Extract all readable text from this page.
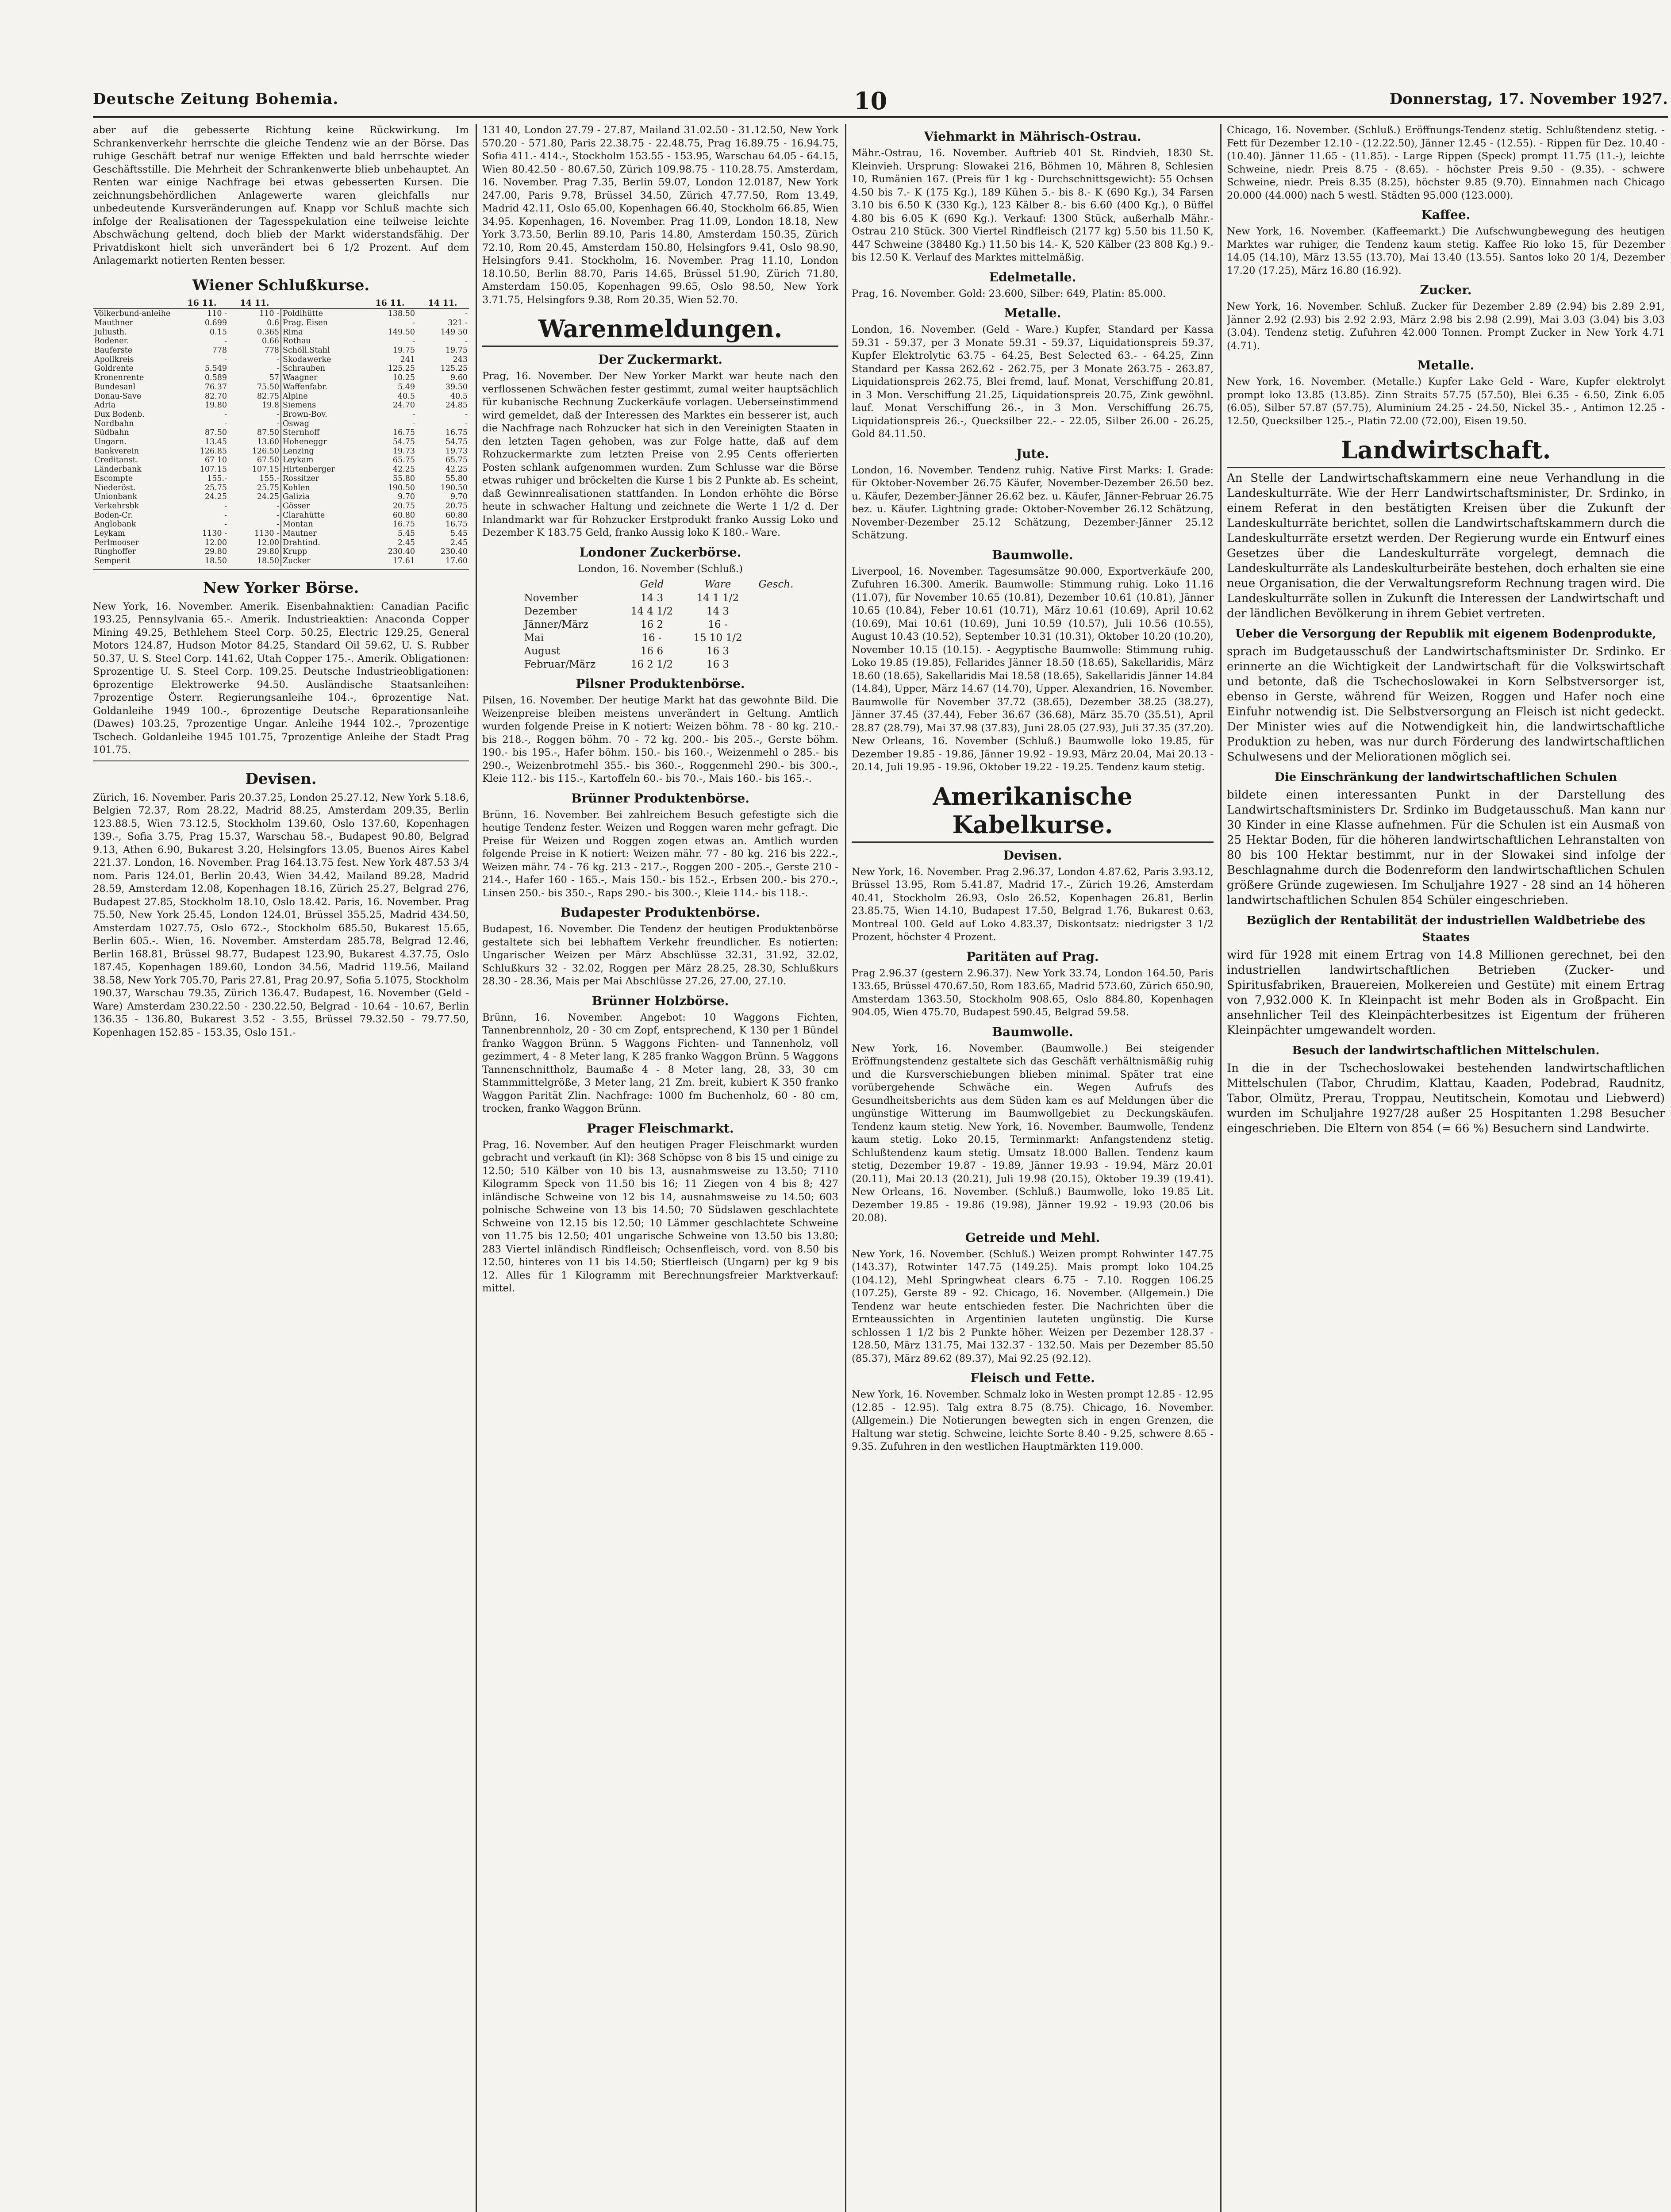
Deutsche Zeitung Bohemia.	10	Donnerstag, 17. November 1927.

aber auf die gebesserte Richtung keine Rückwirkung. Im Schrankenverkehr herrschte die gleiche Tendenz wie an der Börse. Das ruhige Geschäft betraf nur wenige Effekten und bald herrschte wieder Geschäftsstille. Die Mehrheit der Schrankenwerte blieb unbehauptet. An Renten war einige Nachfrage bei etwas gebesserten Kursen. Die zeichnungsbehördlichen Anlagewerte waren gleichfalls nur unbedeutende Kursveränderungen auf. Knapp vor Schluß machte sich infolge der Realisationen der Tagesspekulation eine teilweise leichte Abschwächung geltend, doch blieb der Markt widerstandsfähig. Der Privatdiskont hielt sich unverändert bei 6 1/2 Prozent. Auf dem Anlagemarkt notierten Renten besser.

Wiener Schlußkurse.
	16 11.	14 11.		16 11.	14 11.
Völkerbund-anleihe	110 -	110 -	Poldihütte	138.50	-
Mauthner	0.699	0.6	Prag. Eisen	-	321 -
Juliusth.	0.15	0.365	Rima	149.50	149 50
Bodener.	-	0.66	Rothau	-	-
Bauferste	778	778	Schöll.Stahl	19.75	19.75
Apollkreis	-	-	Skodawerke	241	243
Goldrente	5.549	-	Schrauben	125.25	125.25
Kronenrente	0.589	57	Waagner	10.25	9.60
Bundesanl	76.37	75.50	Waffenfabr.	5.49	39.50
Donau-Save	82.70	82.75	Alpine	40.5	40.5
Adria	19.80	19.8	Siemens	24.70	24.85
Dux Bodenb.	-	-	Brown-Bov.	-	-
Nordbahn	-	-	Oswag	-	-
Südbahn	87.50	87.50	Sternhoff	16.75	16.75
Ungarn.	13.45	13.60	Hoheneggr	54.75	54.75
Bankverein	126.85	126.50	Lenzing	19.73	19.73
Creditanst.	67 10	67.50	Leykam	65.75	65.75
Länderbank	107.15	107.15	Hirtenberger	42.25	42.25
Escompte	155.-	155.-	Rossitzer	55.80	55.80
Niederöst.	25.75	25.75	Kohlen	190.50	190.50
Unionbank	24.25	24.25	Galizia	9.70	9.70
Verkehrsbk	-	-	Gösser	20.75	20.75
Boden-Cr.	-	-	Clarahütte	60.80	60.80
Anglobank	-	-	Montan	16.75	16.75
Leykam	1130 -	1130 -	Mautner	5.45	5.45
Perlmooser	12.00	12.00	Drahtind.	2.45	2.45
Ringhoffer	29.80	29.80	Krupp	230.40	230.40
Semperit	18.50	18.50	Zucker	17.61	17.60
New Yorker Börse.

New York, 16. November. Amerik. Eisenbahnaktien: Canadian Pacific 193.25, Pennsylvania 65.-. Amerik. Industrieaktien: Anaconda Copper Mining 49.25, Bethlehem Steel Corp. 50.25, Electric 129.25, General Motors 124.87, Hudson Motor 84.25, Standard Oil 59.62, U. S. Rubber 50.37, U. S. Steel Corp. 141.62, Utah Copper 175.-. Amerik. Obligationen: Sprozentige U. S. Steel Corp. 109.25. Deutsche Industrieobligationen: 6prozentige Elektrowerke 94.50. Ausländische Staatsanleihen: 7prozentige Österr. Regierungsanleihe 104.-, 6prozentige Nat. Goldanleihe 1949 100.-, 6prozentige Deutsche Reparationsanleihe (Dawes) 103.25, 7prozentige Ungar. Anleihe 1944 102.-, 7prozentige Tschech. Goldanleihe 1945 101.75, 7prozentige Anleihe der Stadt Prag 101.75.

Devisen.

Zürich, 16. November. Paris 20.37.25, London 25.27.12, New York 5.18.6, Belgien 72.37, Rom 28.22, Madrid 88.25, Amsterdam 209.35, Berlin 123.88.5, Wien 73.12.5, Stockholm 139.60, Oslo 137.60, Kopenhagen 139.-, Sofia 3.75, Prag 15.37, Warschau 58.-, Budapest 90.80, Belgrad 9.13, Athen 6.90, Bukarest 3.20, Helsingfors 13.05, Buenos Aires Kabel 221.37. London, 16. November. Prag 164.13.75 fest. New York 487.53 3/4 nom. Paris 124.01, Berlin 20.43, Wien 34.42, Mailand 89.28, Madrid 28.59, Amsterdam 12.08, Kopenhagen 18.16, Zürich 25.27, Belgrad 276, Budapest 27.85, Stockholm 18.10, Oslo 18.42. Paris, 16. November. Prag 75.50, New York 25.45, London 124.01, Brüssel 355.25, Madrid 434.50, Amsterdam 1027.75, Oslo 672.-, Stockholm 685.50, Bukarest 15.65, Berlin 605.-. Wien, 16. November. Amsterdam 285.78, Belgrad 12.46, Berlin 168.81, Brüssel 98.77, Budapest 123.90, Bukarest 4.37.75, Oslo 187.45, Kopenhagen 189.60, London 34.56, Madrid 119.56, Mailand 38.58, New York 705.70, Paris 27.81, Prag 20.97, Sofia 5.1075, Stockholm 190.37, Warschau 79.35, Zürich 136.47. Budapest, 16. November (Geld - Ware) Amsterdam 230.22.50 - 230.22.50, Belgrad - 10.64 - 10.67, Berlin 136.35 - 136.80, Bukarest 3.52 - 3.55, Brüssel 79.32.50 - 79.77.50, Kopenhagen 152.85 - 153.35, Oslo 151.-

131 40, London 27.79 - 27.87, Mailand 31.02.50 - 31.12.50, New York 570.20 - 571.80, Paris 22.38.75 - 22.48.75, Prag 16.89.75 - 16.94.75, Sofia 411.- 414.-, Stockholm 153.55 - 153.95, Warschau 64.05 - 64.15, Wien 80.42.50 - 80.67.50, Zürich 109.98.75 - 110.28.75. Amsterdam, 16. November. Prag 7.35, Berlin 59.07, London 12.0187, New York 247.00, Paris 9.78, Brüssel 34.50, Zürich 47.77.50, Rom 13.49, Madrid 42.11, Oslo 65.00, Kopenhagen 66.40, Stockholm 66.85, Wien 34.95. Kopenhagen, 16. November. Prag 11.09, London 18.18, New York 3.73.50, Berlin 89.10, Paris 14.80, Amsterdam 150.35, Zürich 72.10, Rom 20.45, Amsterdam 150.80, Helsingfors 9.41, Oslo 98.90, Helsingfors 9.41. Stockholm, 16. November. Prag 11.10, London 18.10.50, Berlin 88.70, Paris 14.65, Brüssel 51.90, Zürich 71.80, Amsterdam 150.05, Kopenhagen 99.65, Oslo 98.50, New York 3.71.75, Helsingfors 9.38, Rom 20.35, Wien 52.70.

Warenmeldungen.
Der Zuckermarkt.

Prag, 16. November. Der New Yorker Markt war heute nach den verflossenen Schwächen fester gestimmt, zumal weiter hauptsächlich für kubanische Rechnung Zuckerkäufe vorlagen. Ueberseinstimmend wird gemeldet, daß der Interessen des Marktes ein besserer ist, auch die Nachfrage nach Rohzucker hat sich in den Vereinigten Staaten in den letzten Tagen gehoben, was zur Folge hatte, daß auf dem Rohzuckermarkte zum letzten Preise von 2.95 Cents offerierten Posten schlank aufgenommen wurden. Zum Schlusse war die Börse etwas ruhiger und bröckelten die Kurse 1 bis 2 Punkte ab. Es scheint, daß Gewinnrealisationen stattfanden. In London erhöhte die Börse heute in schwacher Haltung und zeichnete die Werte 1 1/2 d. Der Inlandmarkt war für Rohzucker Erstprodukt franko Aussig Loko und Dezember K 183.75 Geld, franko Aussig loko K 180.- Ware.

Londoner Zuckerbörse.
London, 16. November (Schluß.)
	Geld	Ware	Gesch.
November	14 3	14 1 1/2	
Dezember	14 4 1/2	14 3	
Jänner/März	16 2	16 -	
Mai	16 -	15 10 1/2	
August	16 6	16 3	
Februar/März	16 2 1/2	16 3	
Pilsner Produktenbörse.

Pilsen, 16. November. Der heutige Markt hat das gewohnte Bild. Die Weizenpreise bleiben meistens unverändert in Geltung. Amtlich wurden folgende Preise in K notiert: Weizen böhm. 78 - 80 kg. 210.- bis 218.-, Roggen böhm. 70 - 72 kg. 200.- bis 205.-, Gerste böhm. 190.- bis 195.-, Hafer böhm. 150.- bis 160.-, Weizenmehl o 285.- bis 290.-, Weizenbrotmehl 355.- bis 360.-, Roggenmehl 290.- bis 300.-, Kleie 112.- bis 115.-, Kartoffeln 60.- bis 70.-, Mais 160.- bis 165.-.

Brünner Produktenbörse.

Brünn, 16. November. Bei zahlreichem Besuch gefestigte sich die heutige Tendenz fester. Weizen und Roggen waren mehr gefragt. Die Preise für Weizen und Roggen zogen etwas an. Amtlich wurden folgende Preise in K notiert: Weizen mähr. 77 - 80 kg. 216 bis 222.-, Weizen mähr. 74 - 76 kg. 213 - 217.-, Roggen 200 - 205.-, Gerste 210 - 214.-, Hafer 160 - 165.-, Mais 150.- bis 152.-, Erbsen 200.- bis 270.-, Linsen 250.- bis 350.-, Raps 290.- bis 300.-, Kleie 114.- bis 118.-.

Budapester Produktenbörse.

Budapest, 16. November. Die Tendenz der heutigen Produktenbörse gestaltete sich bei lebhaftem Verkehr freundlicher. Es notierten: Ungarischer Weizen per März Abschlüsse 32.31, 31.92, 32.02, Schlußkurs 32 - 32.02, Roggen per März 28.25, 28.30, Schlußkurs 28.30 - 28.36, Mais per Mai Abschlüsse 27.26, 27.00, 27.10.

Brünner Holzbörse.

Brünn, 16. November. Angebot: 10 Waggons Fichten, Tannenbrennholz, 20 - 30 cm Zopf, entsprechend, K 130 per 1 Bündel franko Waggon Brünn. 5 Waggons Fichten- und Tannenholz, voll gezimmert, 4 - 8 Meter lang, K 285 franko Waggon Brünn. 5 Waggons Tannenschnittholz, Baumaße 4 - 8 Meter lang, 28, 33, 30 cm Stammmittelgröße, 3 Meter lang, 21 Zm. breit, kubiert K 350 franko Waggon Parität Zlin. Nachfrage: 1000 fm Buchenholz, 60 - 80 cm, trocken, franko Waggon Brünn.

Prager Fleischmarkt.

Prag, 16. November. Auf den heutigen Prager Fleischmarkt wurden gebracht und verkauft (in Kl): 368 Schöpse von 8 bis 15 und einige zu 12.50; 510 Kälber von 10 bis 13, ausnahmsweise zu 13.50; 7110 Kilogramm Speck von 11.50 bis 16; 11 Ziegen von 4 bis 8; 427 inländische Schweine von 12 bis 14, ausnahmsweise zu 14.50; 603 polnische Schweine von 13 bis 14.50; 70 Südslawen geschlachtete Schweine von 12.15 bis 12.50; 10 Lämmer geschlachtete Schweine von 11.75 bis 12.50; 401 ungarische Schweine von 13.50 bis 13.80; 283 Viertel inländisch Rindfleisch; Ochsenfleisch, vord. von 8.50 bis 12.50, hinteres von 11 bis 14.50; Stierfleisch (Ungarn) per kg 9 bis 12. Alles für 1 Kilogramm mit Berechnungsfreier Marktverkauf: mittel.

Viehmarkt in Mährisch-Ostrau.

Mähr.-Ostrau, 16. November. Auftrieb 401 St. Rindvieh, 1830 St. Kleinvieh. Ursprung: Slowakei 216, Böhmen 10, Mähren 8, Schlesien 10, Rumänien 167. (Preis für 1 kg - Durchschnittsgewicht): 55 Ochsen 4.50 bis 7.- K (175 Kg.), 189 Kühen 5.- bis 8.- K (690 Kg.), 34 Farsen 3.10 bis 6.50 K (330 Kg.), 123 Kälber 8.- bis 6.60 (400 Kg.), 0 Büffel 4.80 bis 6.05 K (690 Kg.). Verkauf: 1300 Stück, außerhalb Mähr.-Ostrau 210 Stück. 300 Viertel Rindfleisch (2177 kg) 5.50 bis 11.50 K, 447 Schweine (38480 Kg.) 11.50 bis 14.- K, 520 Kälber (23 808 Kg.) 9.- bis 12.50 K. Verlauf des Marktes mittelmäßig.

Edelmetalle.

Prag, 16. November. Gold: 23.600, Silber: 649, Platin: 85.000.

Metalle.

London, 16. November. (Geld - Ware.) Kupfer, Standard per Kassa 59.31 - 59.37, per 3 Monate 59.31 - 59.37, Liquidationspreis 59.37, Kupfer Elektrolytic 63.75 - 64.25, Best Selected 63.- - 64.25, Zinn Standard per Kassa 262.62 - 262.75, per 3 Monate 263.75 - 263.87, Liquidationspreis 262.75, Blei fremd, lauf. Monat, Verschiffung 20.81, in 3 Mon. Verschiffung 21.25, Liquidationspreis 20.75, Zink gewöhnl. lauf. Monat Verschiffung 26.-, in 3 Mon. Verschiffung 26.75, Liquidationspreis 26.-, Quecksilber 22.- - 22.05, Silber 26.00 - 26.25, Gold 84.11.50.

Jute.

London, 16. November. Tendenz ruhig. Native First Marks: I. Grade: für Oktober-November 26.75 Käufer, November-Dezember 26.50 bez. u. Käufer, Dezember-Jänner 26.62 bez. u. Käufer, Jänner-Februar 26.75 bez. u. Käufer. Lightning grade: Oktober-November 26.12 Schätzung, November-Dezember 25.12 Schätzung, Dezember-Jänner 25.12 Schätzung.

Baumwolle.

Liverpool, 16. November. Tagesumsätze 90.000, Exportverkäufe 200, Zufuhren 16.300. Amerik. Baumwolle: Stimmung ruhig. Loko 11.16 (11.07), für November 10.65 (10.81), Dezember 10.61 (10.81), Jänner 10.65 (10.84), Feber 10.61 (10.71), März 10.61 (10.69), April 10.62 (10.69), Mai 10.61 (10.69), Juni 10.59 (10.57), Juli 10.56 (10.55), August 10.43 (10.52), September 10.31 (10.31), Oktober 10.20 (10.20), November 10.15 (10.15). - Aegyptische Baumwolle: Stimmung ruhig. Loko 19.85 (19.85), Fellarides Jänner 18.50 (18.65), Sakellaridis, März 18.60 (18.65), Sakellaridis Mai 18.58 (18.65), Sakellaridis Jänner 14.84 (14.84), Upper, März 14.67 (14.70), Upper. Alexandrien, 16. November. Baumwolle für November 37.72 (38.65), Dezember 38.25 (38.27), Jänner 37.45 (37.44), Feber 36.67 (36.68), März 35.70 (35.51), April 28.87 (28.79), Mai 37.98 (37.83), Juni 28.05 (27.93), Juli 37.35 (37.20). New Orleans, 16. November (Schluß.) Baumwolle loko 19.85, für Dezember 19.85 - 19.86, Jänner 19.92 - 19.93, März 20.04, Mai 20.13 - 20.14, Juli 19.95 - 19.96, Oktober 19.22 - 19.25. Tendenz kaum stetig.

Amerikanische Kabelkurse.
Devisen.

New York, 16. November. Prag 2.96.37, London 4.87.62, Paris 3.93.12, Brüssel 13.95, Rom 5.41.87, Madrid 17.-, Zürich 19.26, Amsterdam 40.41, Stockholm 26.93, Oslo 26.52, Kopenhagen 26.81, Berlin 23.85.75, Wien 14.10, Budapest 17.50, Belgrad 1.76, Bukarest 0.63, Montreal 100. Geld auf Loko 4.83.37, Diskontsatz: niedrigster 3 1/2 Prozent, höchster 4 Prozent.

Paritäten auf Prag.

Prag 2.96.37 (gestern 2.96.37). New York 33.74, London 164.50, Paris 133.65, Brüssel 470.67.50, Rom 183.65, Madrid 573.60, Zürich 650.90, Amsterdam 1363.50, Stockholm 908.65, Oslo 884.80, Kopenhagen 904.05, Wien 475.70, Budapest 590.45, Belgrad 59.58.

Baumwolle.

New York, 16. November. (Baumwolle.) Bei steigender Eröffnungstendenz gestaltete sich das Geschäft verhältnismäßig ruhig und die Kursverschiebungen blieben minimal. Später trat eine vorübergehende Schwäche ein. Wegen Aufrufs des Gesundheitsberichts aus dem Süden kam es auf Meldungen über die ungünstige Witterung im Baumwollgebiet zu Deckungskäufen. Tendenz kaum stetig. New York, 16. November. Baumwolle, Tendenz kaum stetig. Loko 20.15, Terminmarkt: Anfangstendenz stetig. Schlußtendenz kaum stetig. Umsatz 18.000 Ballen. Tendenz kaum stetig, Dezember 19.87 - 19.89, Jänner 19.93 - 19.94, März 20.01 (20.11), Mai 20.13 (20.21), Juli 19.98 (20.15), Oktober 19.39 (19.41). New Orleans, 16. November. (Schluß.) Baumwolle, loko 19.85 Lit. Dezember 19.85 - 19.86 (19.98), Jänner 19.92 - 19.93 (20.06 bis 20.08).

Getreide und Mehl.

New York, 16. November. (Schluß.) Weizen prompt Rohwinter 147.75 (143.37), Rotwinter 147.75 (149.25). Mais prompt loko 104.25 (104.12), Mehl Springwheat clears 6.75 - 7.10. Roggen 106.25 (107.25), Gerste 89 - 92. Chicago, 16. November. (Allgemein.) Die Tendenz war heute entschieden fester. Die Nachrichten über die Ernteaussichten in Argentinien lauteten ungünstig. Die Kurse schlossen 1 1/2 bis 2 Punkte höher. Weizen per Dezember 128.37 - 128.50, März 131.75, Mai 132.37 - 132.50. Mais per Dezember 85.50 (85.37), März 89.62 (89.37), Mai 92.25 (92.12).

Fleisch und Fette.

New York, 16. November. Schmalz loko in Westen prompt 12.85 - 12.95 (12.85 - 12.95). Talg extra 8.75 (8.75). Chicago, 16. November. (Allgemein.) Die Notierungen bewegten sich in engen Grenzen, die Haltung war stetig. Schweine, leichte Sorte 8.40 - 9.25, schwere 8.65 - 9.35. Zufuhren in den westlichen Hauptmärkten 119.000.

Chicago, 16. November. (Schluß.) Eröffnungs-Tendenz stetig. Schlußtendenz stetig. - Fett für Dezember 12.10 - (12.22.50), Jänner 12.45 - (12.55). - Rippen für Dez. 10.40 - (10.40). Jänner 11.65 - (11.85). - Large Rippen (Speck) prompt 11.75 (11.-), leichte Schweine, niedr. Preis 8.75 - (8.65). - höchster Preis 9.50 - (9.35). - schwere Schweine, niedr. Preis 8.35 (8.25), höchster 9.85 (9.70). Einnahmen nach Chicago 20.000 (44.000) nach 5 westl. Städten 95.000 (123.000).

Kaffee.

New York, 16. November. (Kaffeemarkt.) Die Aufschwungbewegung des heutigen Marktes war ruhiger, die Tendenz kaum stetig. Kaffee Rio loko 15, für Dezember 14.05 (14.10), März 13.55 (13.70), Mai 13.40 (13.55). Santos loko 20 1/4, Dezember 17.20 (17.25), März 16.80 (16.92).

Zucker.

New York, 16. November. Schluß. Zucker für Dezember 2.89 (2.94) bis 2.89 2.91, Jänner 2.92 (2.93) bis 2.92 2.93, März 2.98 bis 2.98 (2.99), Mai 3.03 (3.04) bis 3.03 (3.04). Tendenz stetig. Zufuhren 42.000 Tonnen. Prompt Zucker in New York 4.71 (4.71).

Metalle.

New York, 16. November. (Metalle.) Kupfer Lake Geld - Ware, Kupfer elektrolyt prompt loko 13.85 (13.85). Zinn Straits 57.75 (57.50), Blei 6.35 - 6.50, Zink 6.05 (6.05), Silber 57.87 (57.75), Aluminium 24.25 - 24.50, Nickel 35.- , Antimon 12.25 - 12.50, Quecksilber 125.-, Platin 72.00 (72.00), Eisen 19.50.

Landwirtschaft.

An Stelle der Landwirtschaftskammern eine neue Verhandlung in die Landeskulturräte. Wie der Herr Landwirtschaftsminister, Dr. Srdinko, in einem Referat in den bestätigten Kreisen über die Zukunft der Landeskulturräte berichtet, sollen die Landwirtschaftskammern durch die Landeskulturräte ersetzt werden. Der Regierung wurde ein Entwurf eines Gesetzes über die Landeskulturräte vorgelegt, demnach die Landeskulturräte als Landeskulturbeiräte bestehen, doch erhalten sie eine neue Organisation, die der Verwaltungsreform Rechnung tragen wird. Die Landeskulturräte sollen in Zukunft die Interessen der Landwirtschaft und der ländlichen Bevölkerung in ihrem Gebiet vertreten.

Ueber die Versorgung der Republik mit eigenem Bodenprodukte,

sprach im Budgetausschuß der Landwirtschaftsminister Dr. Srdinko. Er erinnerte an die Wichtigkeit der Landwirtschaft für die Volkswirtschaft und betonte, daß die Tschechoslowakei in Korn Selbstversorger ist, ebenso in Gerste, während für Weizen, Roggen und Hafer noch eine Einfuhr notwendig ist. Die Selbstversorgung an Fleisch ist nicht gedeckt. Der Minister wies auf die Notwendigkeit hin, die landwirtschaftliche Produktion zu heben, was nur durch Förderung des landwirtschaftlichen Schulwesens und der Meliorationen möglich sei.

Die Einschränkung der landwirtschaftlichen Schulen

bildete einen interessanten Punkt in der Darstellung des Landwirtschaftsministers Dr. Srdinko im Budgetausschuß. Man kann nur 30 Kinder in eine Klasse aufnehmen. Für die Schulen ist ein Ausmaß von 25 Hektar Boden, für die höheren landwirtschaftlichen Lehranstalten von 80 bis 100 Hektar bestimmt, nur in der Slowakei sind infolge der Beschlagnahme durch die Bodenreform den landwirtschaftlichen Schulen größere Gründe zugewiesen. Im Schuljahre 1927 - 28 sind an 14 höheren landwirtschaftlichen Schulen 854 Schüler eingeschrieben.

Bezüglich der Rentabilität der industriellen Waldbetriebe des Staates

wird für 1928 mit einem Ertrag von 14.8 Millionen gerechnet, bei den industriellen landwirtschaftlichen Betrieben (Zucker- und Spiritusfabriken, Brauereien, Molkereien und Gestüte) mit einem Ertrag von 7,932.000 K. In Kleinpacht ist mehr Boden als in Großpacht. Ein ansehnlicher Teil des Kleinpächterbesitzes ist Eigentum der früheren Kleinpächter umgewandelt worden.

Besuch der landwirtschaftlichen Mittelschulen.

In die in der Tschechoslowakei bestehenden landwirtschaftlichen Mittelschulen (Tabor, Chrudim, Klattau, Kaaden, Podebrad, Raudnitz, Tabor, Olmütz, Prerau, Troppau, Neutitschein, Komotau und Liebwerd) wurden im Schuljahre 1927/28 außer 25 Hospitanten 1.298 Besucher eingeschrieben. Die Eltern von 854 (= 66 %) Besuchern sind Landwirte.
